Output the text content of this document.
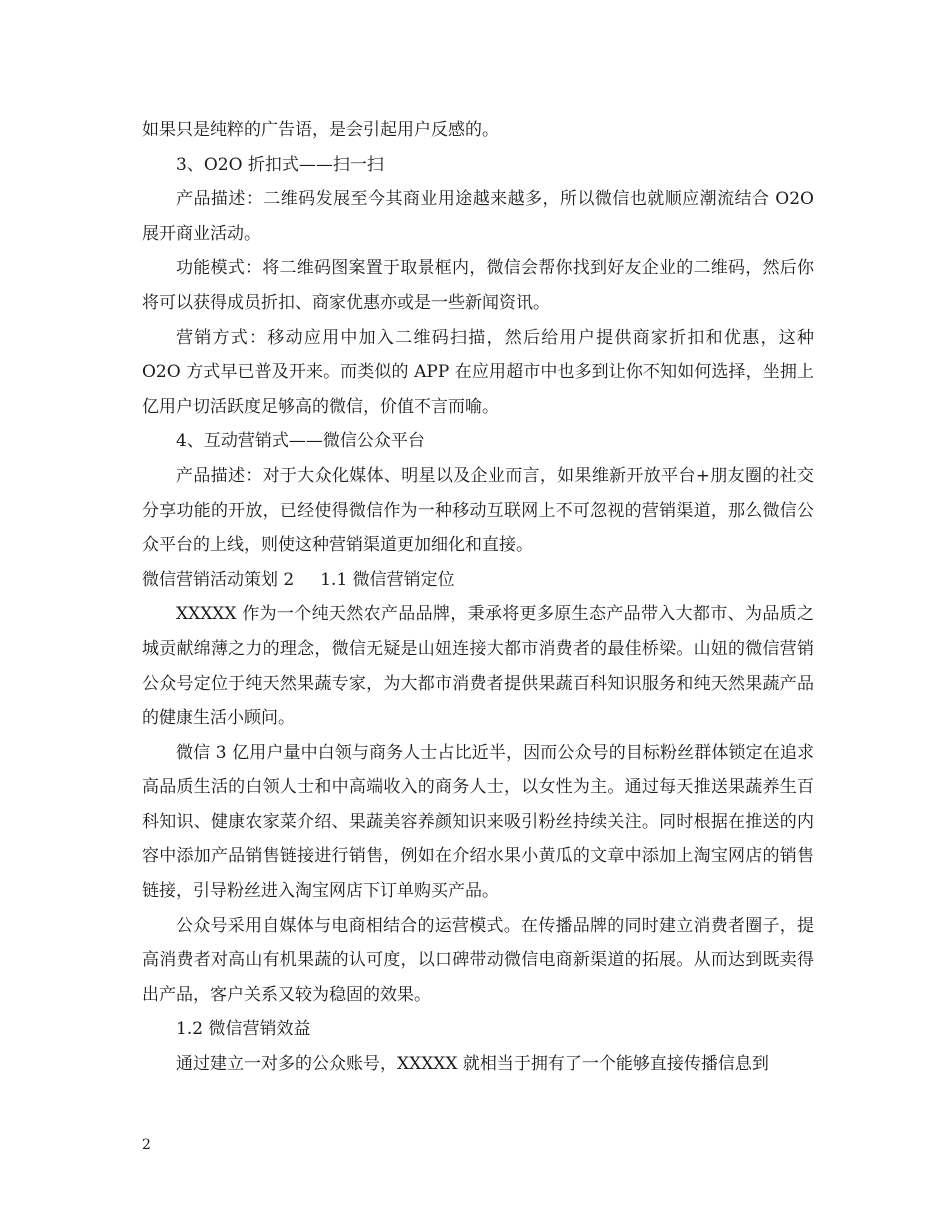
如果只是纯粹的广告语，是会引起用户反感的。

3、O2O 折扣式——扫一扫

产品描述：二维码发展至今其商业用途越来越多，所以微信也就顺应潮流结合 O2O 展开商业活动。

功能模式：将二维码图案置于取景框内，微信会帮你找到好友企业的二维码，然后你将可以获得成员折扣、商家优惠亦或是一些新闻资讯。

营销方式：移动应用中加入二维码扫描，然后给用户提供商家折扣和优惠，这种 O2O 方式早已普及开来。而类似的 APP 在应用超市中也多到让你不知如何选择，坐拥上亿用户切活跃度足够高的微信，价值不言而喻。

4、互动营销式——微信公众平台

产品描述：对于大众化媒体、明星以及企业而言，如果维新开放平台+朋友圈的社交分享功能的开放，已经使得微信作为一种移动互联网上不可忽视的营销渠道，那么微信公众平台的上线，则使这种营销渠道更加细化和直接。

微信营销活动策划 2 1.1 微信营销定位

XXXXX 作为一个纯天然农产品品牌，秉承将更多原生态产品带入大都市、为品质之城贡献绵薄之力的理念，微信无疑是山妞连接大都市消费者的最佳桥梁。山妞的微信营销公众号定位于纯天然果蔬专家，为大都市消费者提供果蔬百科知识服务和纯天然果蔬产品的健康生活小顾问。

微信 3 亿用户量中白领与商务人士占比近半，因而公众号的目标粉丝群体锁定在追求高品质生活的白领人士和中高端收入的商务人士，以女性为主。通过每天推送果蔬养生百科知识、健康农家菜介绍、果蔬美容养颜知识来吸引粉丝持续关注。同时根据在推送的内容中添加产品销售链接进行销售，例如在介绍水果小黄瓜的文章中添加上淘宝网店的销售链接，引导粉丝进入淘宝网店下订单购买产品。

公众号采用自媒体与电商相结合的运营模式。在传播品牌的同时建立消费者圈子，提高消费者对高山有机果蔬的认可度，以口碑带动微信电商新渠道的拓展。从而达到既卖得出产品，客户关系又较为稳固的效果。

1.2 微信营销效益

通过建立一对多的公众账号，XXXXX 就相当于拥有了一个能够直接传播信息到

2
